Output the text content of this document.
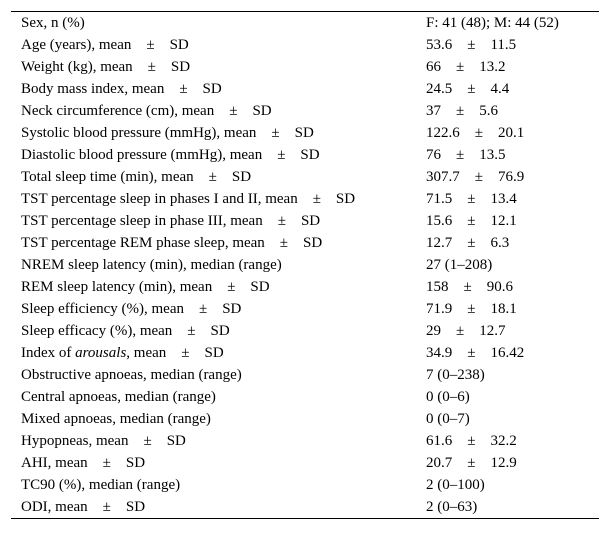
Sex, n (%)	F: 41 (48); M: 44 (52)
Age (years), mean    ±    SD	53.6    ±    11.5
Weight (kg), mean    ±    SD	66    ±    13.2
Body mass index, mean    ±    SD	24.5    ±    4.4
Neck circumference (cm), mean    ±    SD	37    ±    5.6
Systolic blood pressure (mmHg), mean    ±    SD	122.6    ±    20.1
Diastolic blood pressure (mmHg), mean    ±    SD	76    ±    13.5
Total sleep time (min), mean    ±    SD	307.7    ±    76.9
TST percentage sleep in phases I and II, mean    ±    SD	71.5    ±    13.4
TST percentage sleep in phase III, mean    ±    SD	15.6    ±    12.1
TST percentage REM phase sleep, mean    ±    SD	12.7    ±    6.3
NREM sleep latency (min), median (range)	27 (1–208)
REM sleep latency (min), mean    ±    SD	158    ±    90.6
Sleep efficiency (%), mean    ±    SD	71.9    ±    18.1
Sleep efficacy (%), mean    ±    SD	29    ±    12.7
Index of arousals, mean    ±    SD	34.9    ±    16.42
Obstructive apnoeas, median (range)	7 (0–238)
Central apnoeas, median (range)	0 (0–6)
Mixed apnoeas, median (range)	0 (0–7)
Hypopneas, mean    ±    SD	61.6    ±    32.2
AHI, mean    ±    SD	20.7    ±    12.9
TC90 (%), median (range)	2 (0–100)
ODI, mean    ±    SD	2 (0–63)
